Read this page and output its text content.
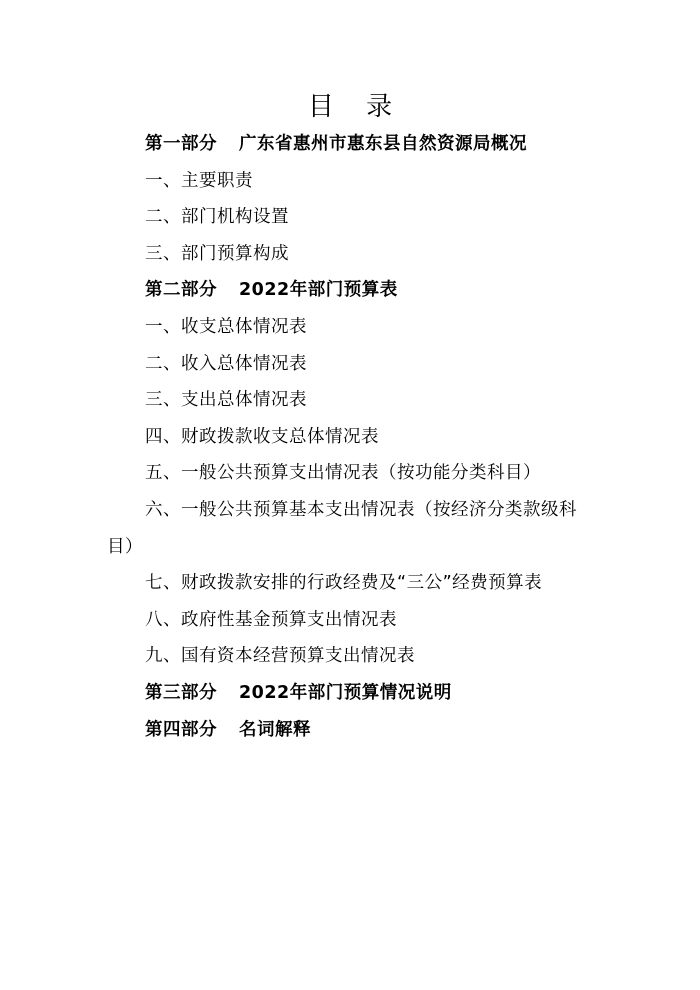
目 录
第一部分 广东省惠州市惠东县自然资源局概况
一、主要职责
二、部门机构设置
三、部门预算构成
第二部分 2022年部门预算表
一、收支总体情况表
二、收入总体情况表
三、支出总体情况表
四、财政拨款收支总体情况表
五、一般公共预算支出情况表（按功能分类科目）
六、一般公共预算基本支出情况表（按经济分类款级科目）
七、财政拨款安排的行政经费及“三公”经费预算表
八、政府性基金预算支出情况表
九、国有资本经营预算支出情况表
第三部分 2022年部门预算情况说明
第四部分 名词解释
